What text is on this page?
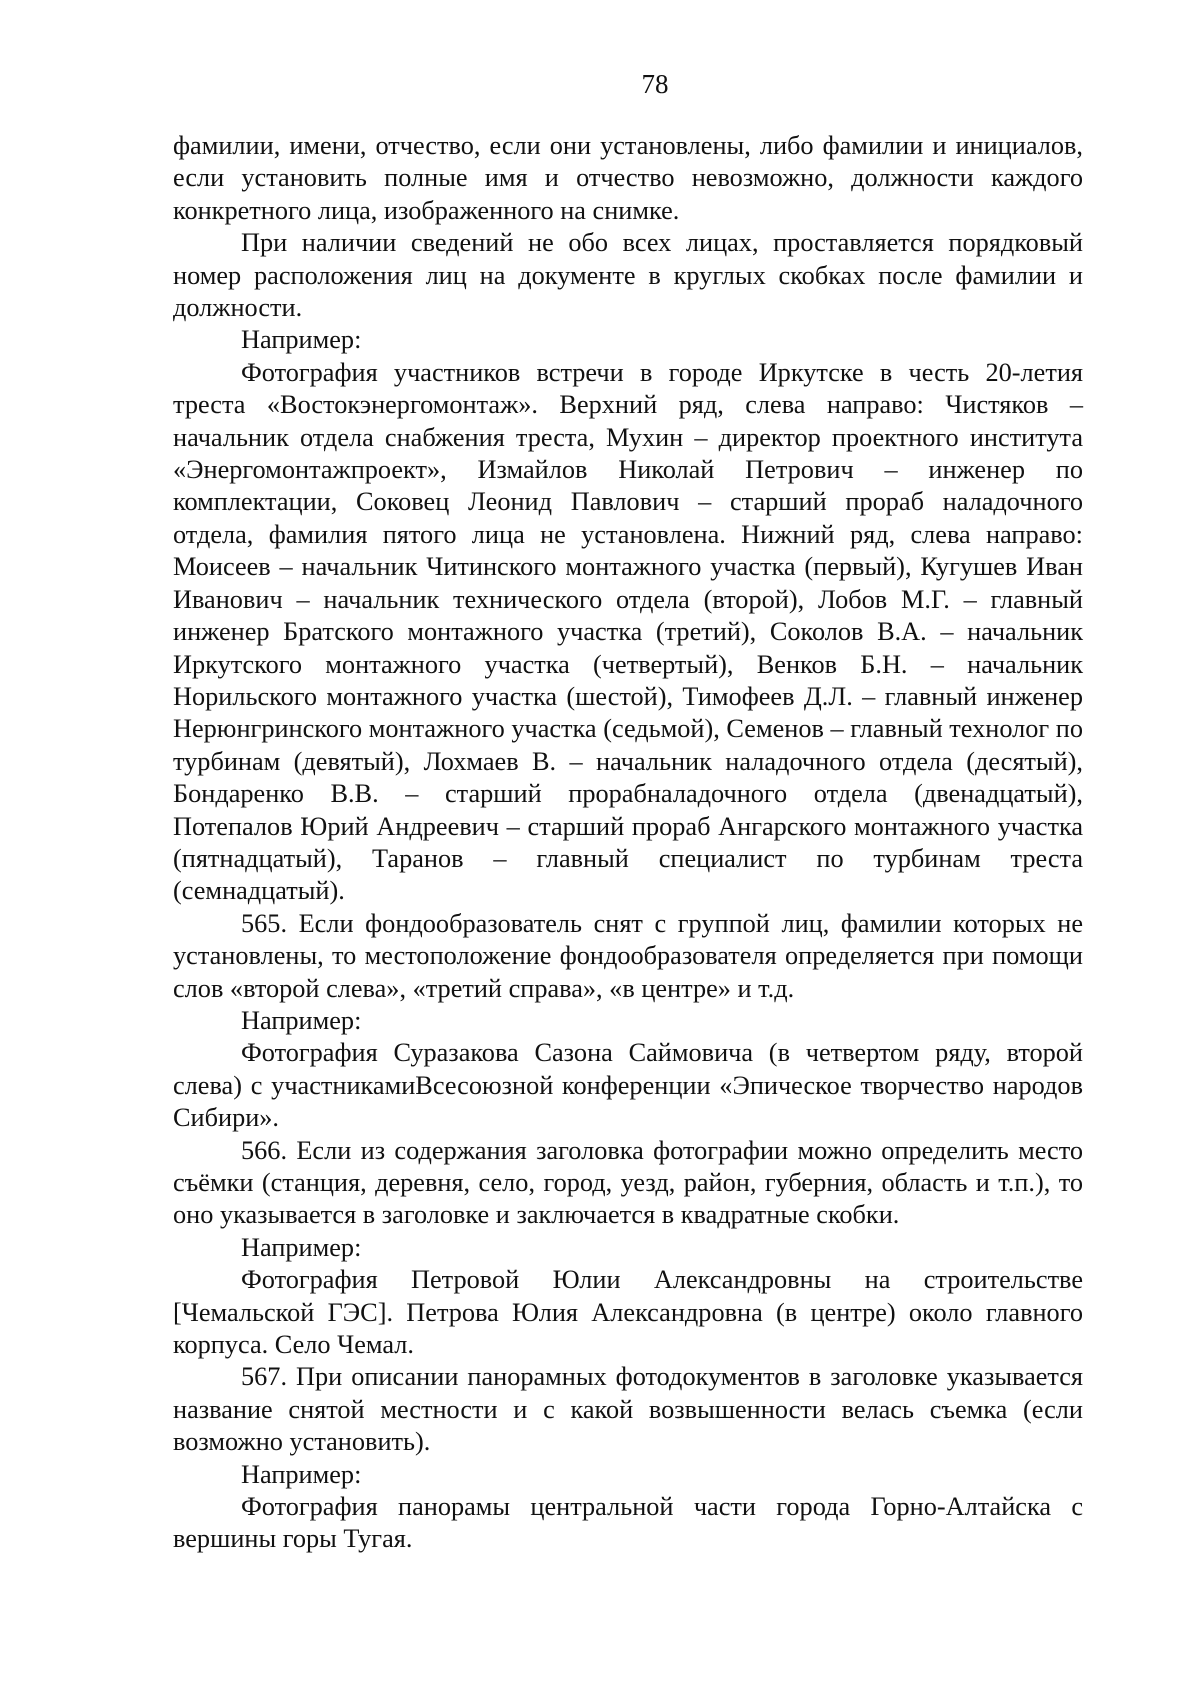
78

фамилии, имени, отчество, если они установлены, либо фамилии и инициалов, если установить полные имя и отчество невозможно, должности каждого конкретного лица, изображенного на снимке.

При наличии сведений не обо всех лицах, проставляется порядковый номер расположения лиц на документе в круглых скобках после фамилии и должности.

Например:

Фотография участников встречи в городе Иркутске в честь 20-летия треста «Востокэнергомонтаж». Верхний ряд, слева направо: Чистяков – начальник отдела снабжения треста, Мухин – директор проектного института «Энергомонтажпроект», Измайлов Николай Петрович – инженер по комплектации, Соковец Леонид Павлович – старший прораб наладочного отдела, фамилия пятого лица не установлена. Нижний ряд, слева направо: Моисеев – начальник Читинского монтажного участка (первый), Кугушев Иван Иванович – начальник технического отдела (второй), Лобов М.Г. – главный инженер Братского монтажного участка (третий), Соколов В.А. – начальник Иркутского монтажного участка (четвертый), Венков Б.Н. – начальник Норильского монтажного участка (шестой), Тимофеев Д.Л. – главный инженер Нерюнгринского монтажного участка (седьмой), Семенов – главный технолог по турбинам (девятый), Лохмаев В. – начальник наладочного отдела (десятый), Бондаренко В.В. – старший прорабналадочного отдела (двенадцатый), Потепалов Юрий Андреевич – старший прораб Ангарского монтажного участка (пятнадцатый), Таранов – главный специалист по турбинам треста (семнадцатый).

565. Если фондообразователь снят с группой лиц, фамилии которых не установлены, то местоположение фондообразователя определяется при помощи слов «второй слева», «третий справа», «в центре» и т.д.

Например:

Фотография Суразакова Сазона Саймовича (в четвертом ряду, второй слева) с участникамиВсесоюзной конференции «Эпическое творчество народов Сибири».

566. Если из содержания заголовка фотографии можно определить место съёмки (станция, деревня, село, город, уезд, район, губерния, область и т.п.), то оно указывается в заголовке и заключается в квадратные скобки.

Например:

Фотография Петровой Юлии Александровны на строительстве [Чемальской ГЭС]. Петрова Юлия Александровна (в центре) около главного корпуса. Село Чемал.

567. При описании панорамных фотодокументов в заголовке указывается название снятой местности и с какой возвышенности велась съемка (если возможно установить).

Например:

Фотография панорамы центральной части города Горно-Алтайска с вершины горы Тугая.
